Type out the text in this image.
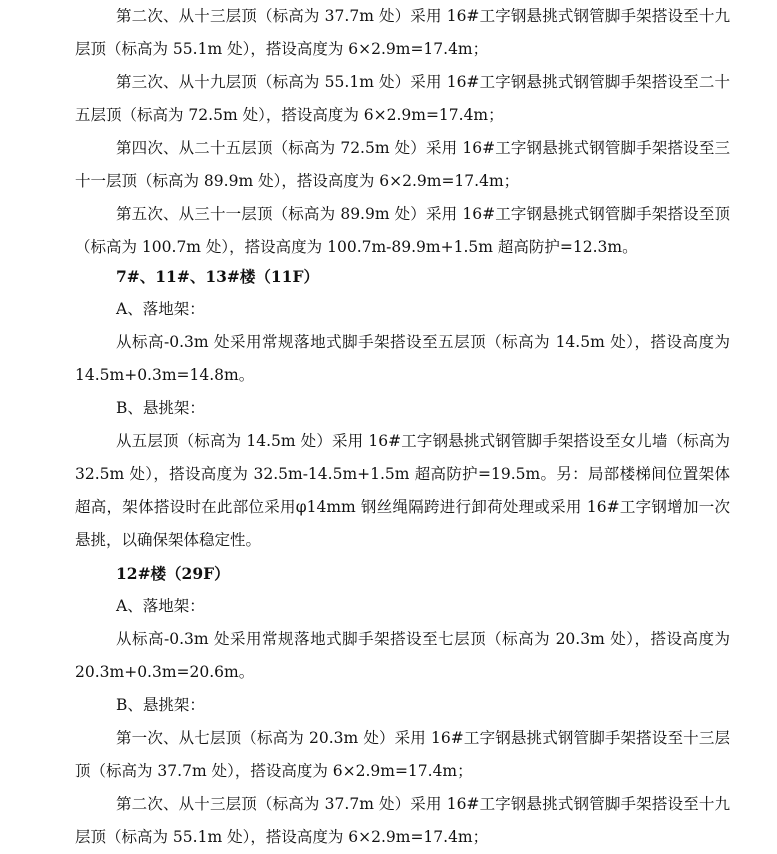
第二次、从十三层顶（标高为 37.7m 处）采用 16#工字钢悬挑式钢管脚手架搭设至十九层顶（标高为 55.1m 处），搭设高度为 6×2.9m=17.4m；
第三次、从十九层顶（标高为 55.1m 处）采用 16#工字钢悬挑式钢管脚手架搭设至二十五层顶（标高为 72.5m 处），搭设高度为 6×2.9m=17.4m；
第四次、从二十五层顶（标高为 72.5m 处）采用 16#工字钢悬挑式钢管脚手架搭设至三十一层顶（标高为 89.9m 处），搭设高度为 6×2.9m=17.4m；
第五次、从三十一层顶（标高为 89.9m 处）采用 16#工字钢悬挑式钢管脚手架搭设至顶（标高为 100.7m 处），搭设高度为 100.7m-89.9m+1.5m 超高防护=12.3m。
7#、11#、13#楼（11F）
A、落地架：
从标高-0.3m 处采用常规落地式脚手架搭设至五层顶（标高为 14.5m 处），搭设高度为 14.5m+0.3m=14.8m。
B、悬挑架：
从五层顶（标高为 14.5m 处）采用 16#工字钢悬挑式钢管脚手架搭设至女儿墙（标高为 32.5m 处），搭设高度为 32.5m-14.5m+1.5m 超高防护=19.5m。另：局部楼梯间位置架体超高，架体搭设时在此部位采用φ14mm 钢丝绳隔跨进行卸荷处理或采用 16#工字钢增加一次悬挑，以确保架体稳定性。
12#楼（29F）
A、落地架：
从标高-0.3m 处采用常规落地式脚手架搭设至七层顶（标高为 20.3m 处），搭设高度为 20.3m+0.3m=20.6m。
B、悬挑架：
第一次、从七层顶（标高为 20.3m 处）采用 16#工字钢悬挑式钢管脚手架搭设至十三层顶（标高为 37.7m 处），搭设高度为 6×2.9m=17.4m；
第二次、从十三层顶（标高为 37.7m 处）采用 16#工字钢悬挑式钢管脚手架搭设至十九层顶（标高为 55.1m 处），搭设高度为 6×2.9m=17.4m；
